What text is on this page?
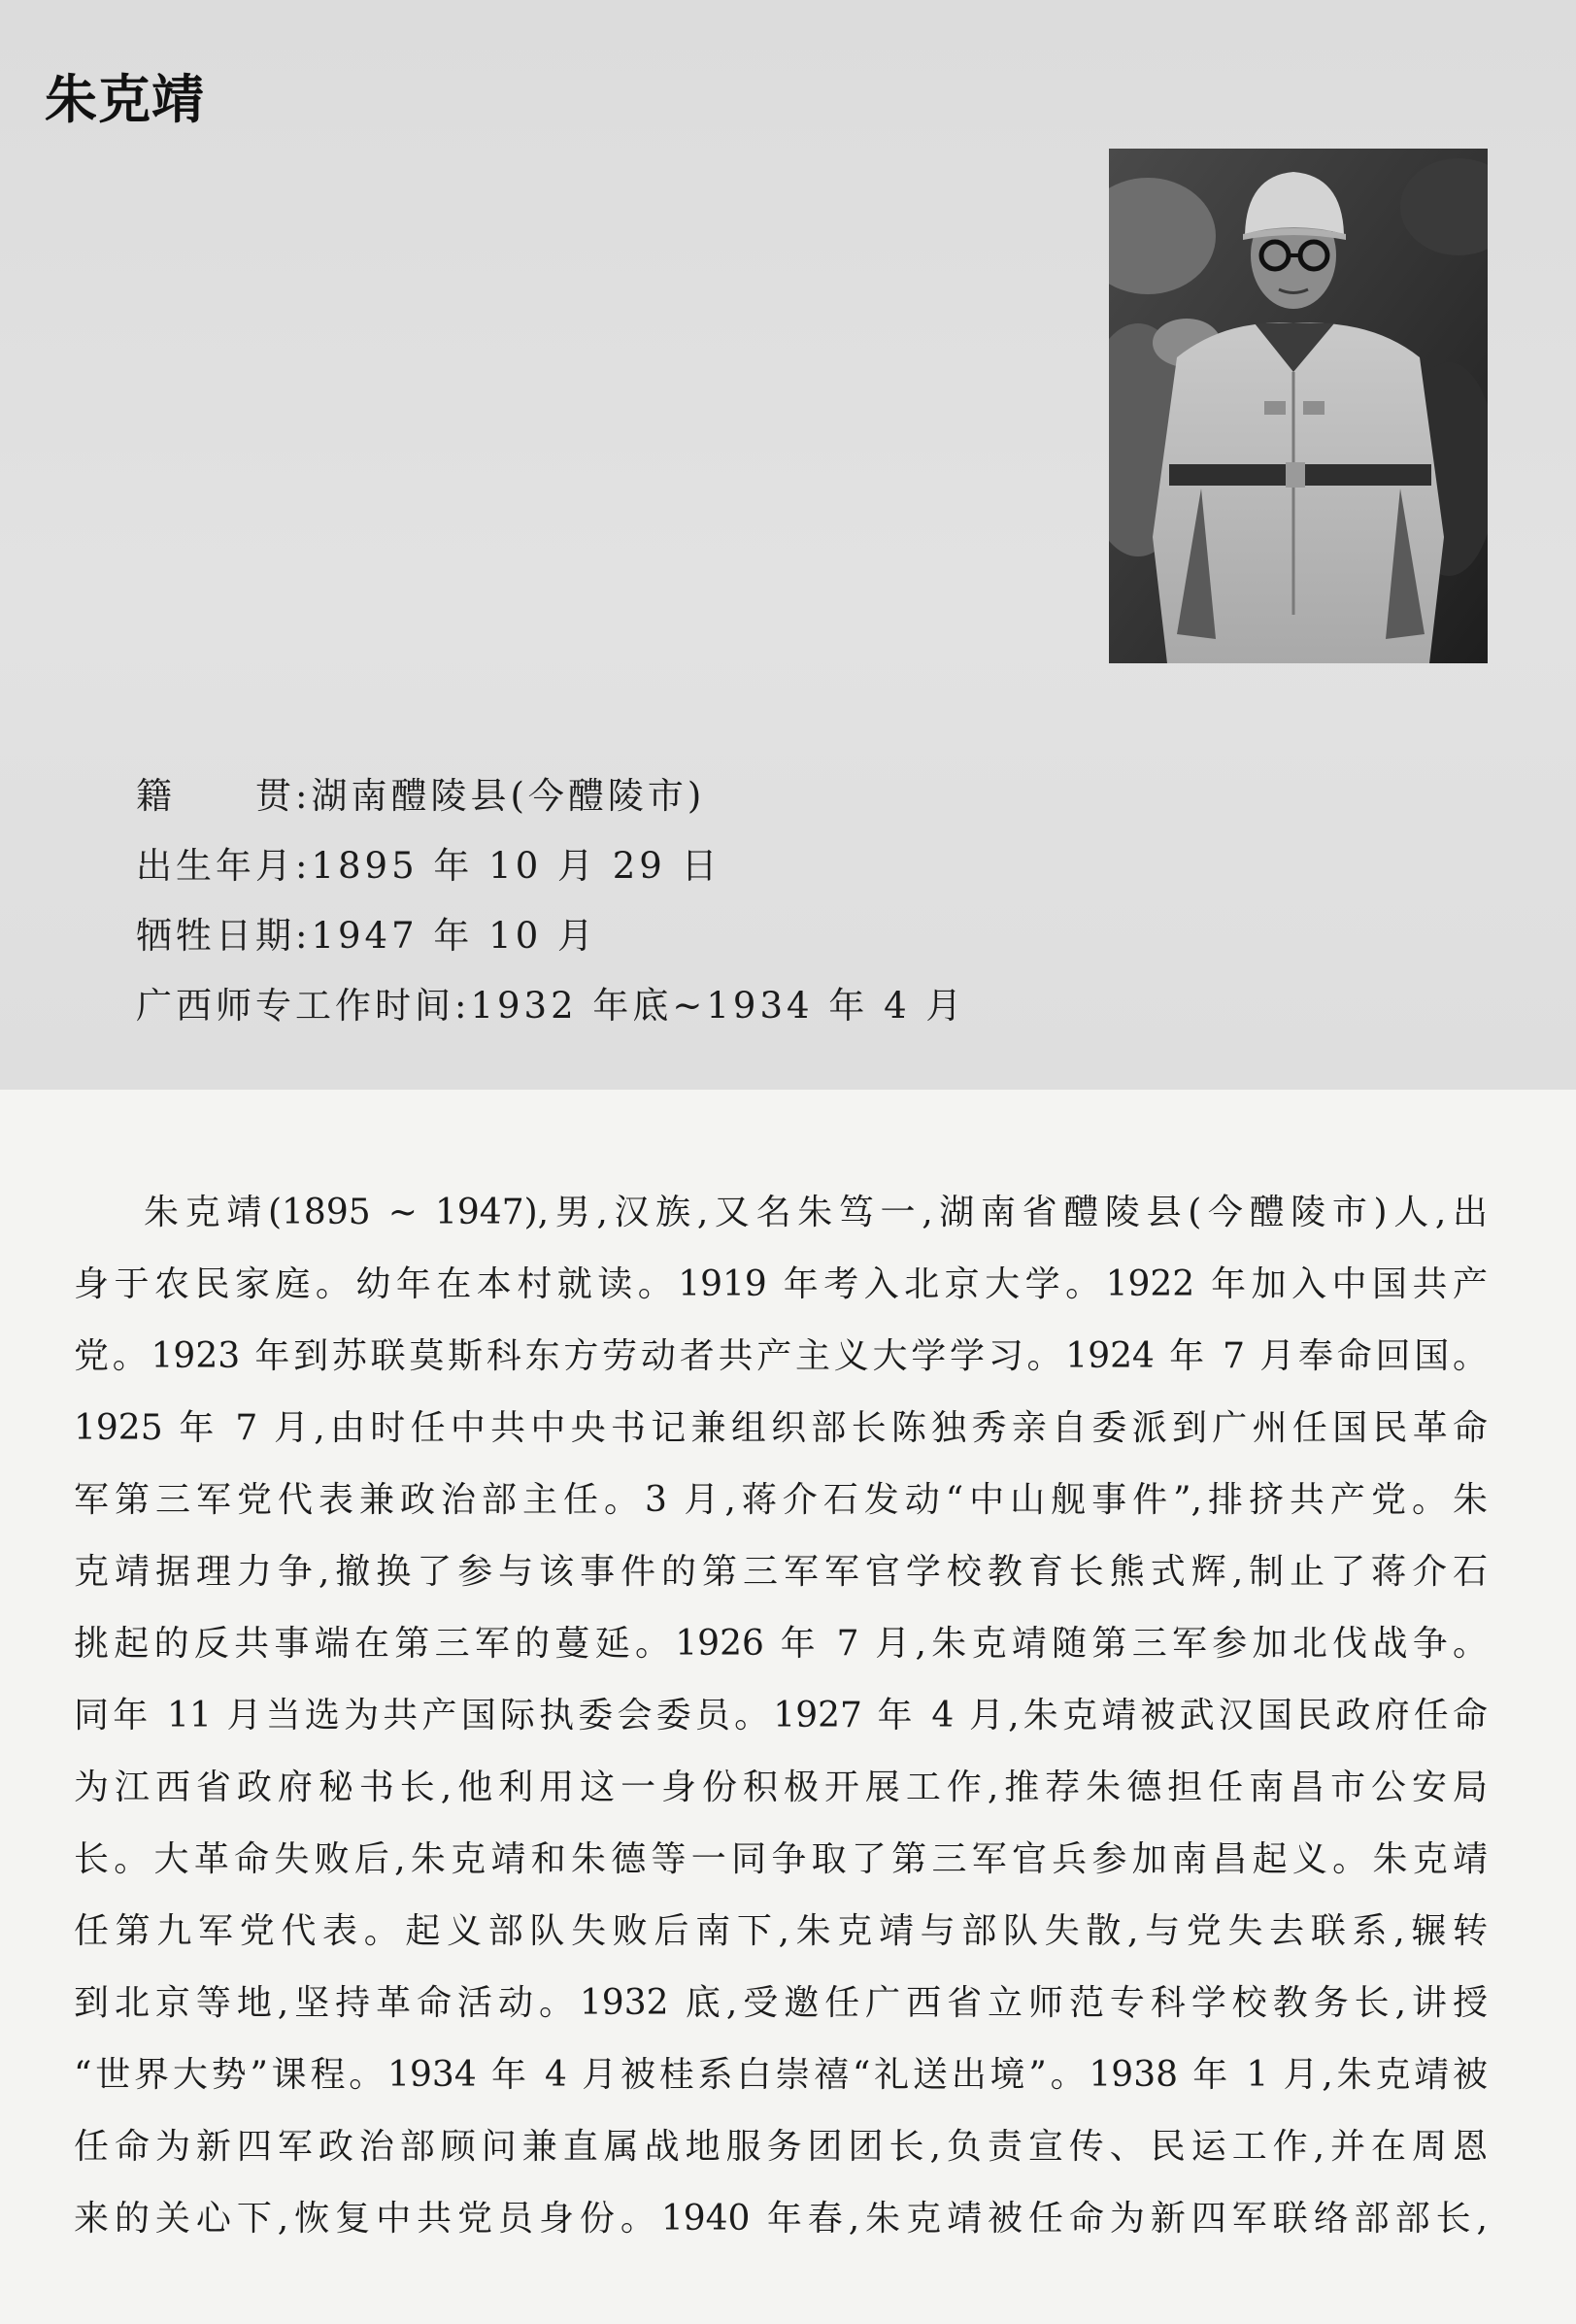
朱克靖
籍　　贯:湖南醴陵县(今醴陵市)
出生年月:1895 年 10 月 29 日
牺牲日期:1947 年 10 月
广西师专工作时间:1932 年底~1934 年 4 月
朱克靖(1895 ~ 1947),男,汉族,又名朱笃一,湖南省醴陵县(今醴陵市)人,出
身于农民家庭。幼年在本村就读。1919 年考入北京大学。1922 年加入中国共产
党。1923 年到苏联莫斯科东方劳动者共产主义大学学习。1924 年 7 月奉命回国。
1925 年 7 月,由时任中共中央书记兼组织部长陈独秀亲自委派到广州任国民革命
军第三军党代表兼政治部主任。3 月,蒋介石发动“中山舰事件”,排挤共产党。朱
克靖据理力争,撤换了参与该事件的第三军军官学校教育长熊式辉,制止了蒋介石
挑起的反共事端在第三军的蔓延。1926 年 7 月,朱克靖随第三军参加北伐战争。
同年 11 月当选为共产国际执委会委员。1927 年 4 月,朱克靖被武汉国民政府任命
为江西省政府秘书长,他利用这一身份积极开展工作,推荐朱德担任南昌市公安局
长。大革命失败后,朱克靖和朱德等一同争取了第三军官兵参加南昌起义。朱克靖
任第九军党代表。起义部队失败后南下,朱克靖与部队失散,与党失去联系,辗转
到北京等地,坚持革命活动。1932 底,受邀任广西省立师范专科学校教务长,讲授
“世界大势”课程。1934 年 4 月被桂系白崇禧“礼送出境”。1938 年 1 月,朱克靖被
任命为新四军政治部顾问兼直属战地服务团团长,负责宣传、民运工作,并在周恩
来的关心下,恢复中共党员身份。1940 年春,朱克靖被任命为新四军联络部部长,
